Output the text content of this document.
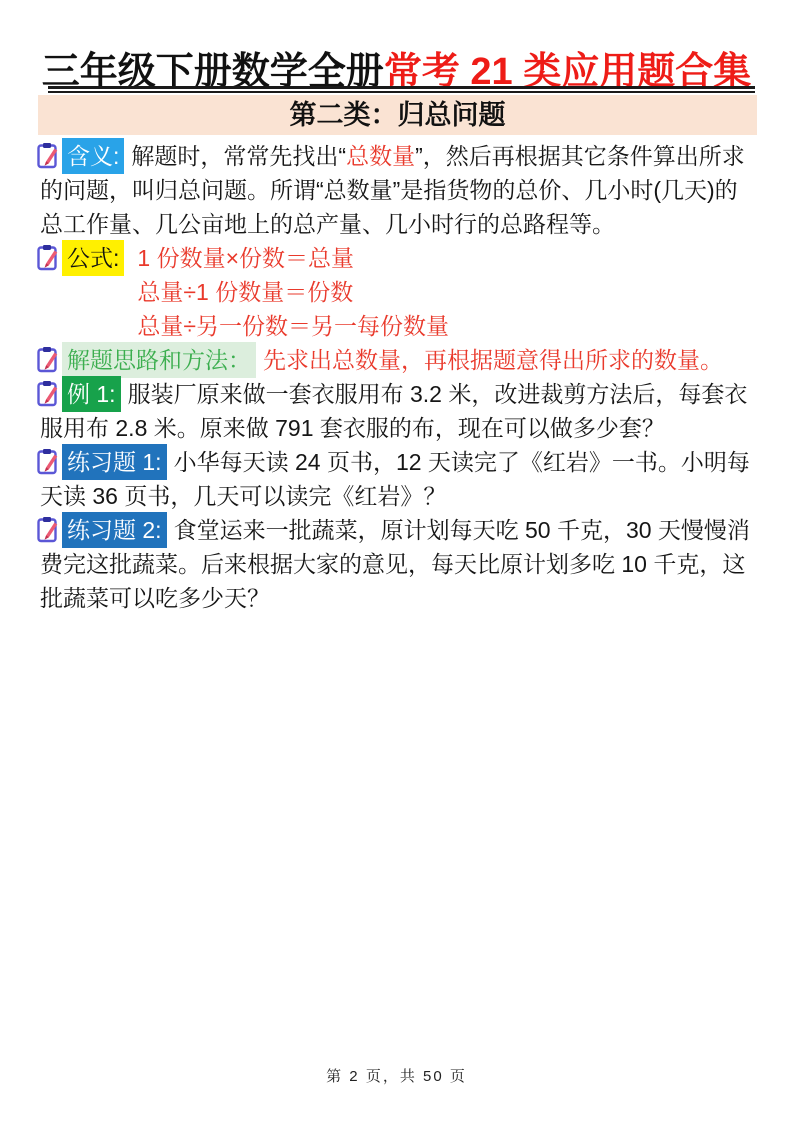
三年级下册数学全册常考 21 类应用题合集
第二类：归总问题

含义: 解题时，常常先找出“总数量”，然后再根据其它条件算出所求的问题，叫归总问题。所谓“总数量”是指货物的总价、几小时(几天)的总工作量、几公亩地上的总产量、几小时行的总路程等。

公式: 1 份数量×份数＝总量
总量÷1 份数量＝份数
总量÷另一份数＝另一每份数量
解题思路和方法： 先求出总数量，再根据题意得出所求的数量。

例 1: 服装厂原来做一套衣服用布 3.2 米，改进裁剪方法后，每套衣服用布 2.8 米。原来做 791 套衣服的布，现在可以做多少套？

练习题 1: 小华每天读 24 页书，12 天读完了《红岩》一书。小明每天读 36 页书，几天可以读完《红岩》？

练习题 2: 食堂运来一批蔬菜，原计划每天吃 50 千克，30 天慢慢消费完这批蔬菜。后来根据大家的意见，每天比原计划多吃 10 千克，这批蔬菜可以吃多少天？

第 2 页，共 50 页
